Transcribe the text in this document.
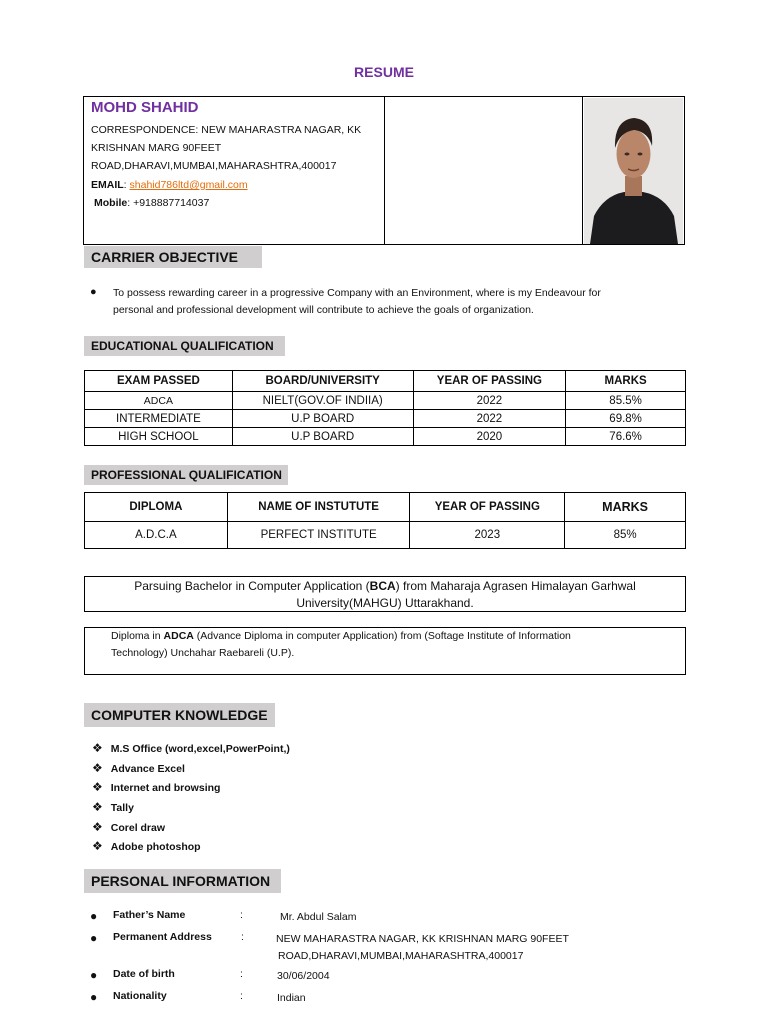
RESUME
MOHD SHAHID
CORRESPONDENCE: NEW MAHARASTRA NAGAR, KK
KRISHNAN MARG 90FEET
ROAD,DHARAVI,MUMBAI,MAHARASHTRA,400017
EMAIL: shahid786ltd@gmail.com
Mobile: +918887714037
CARRIER OBJECTIVE
● To possess rewarding career in a progressive Company with an Environment, where is my Endeavour for
personal and professional development will contribute to achieve the goals of organization.
EDUCATIONAL QUALIFICATION
EXAM PASSED	BOARD/UNIVERSITY	YEAR OF PASSING	MARKS
ADCA	NIELT(GOV.OF INDIIA)	2022	85.5%
INTERMEDIATE	U.P BOARD	2022	69.8%
HIGH SCHOOL	U.P BOARD	2020	76.6%
PROFESSIONAL QUALIFICATION
DIPLOMA	NAME OF INSTUTUTE	YEAR OF PASSING	MARKS
A.D.C.A	PERFECT INSTITUTE	2023	85%
Parsuing Bachelor in Computer Application (BCA) from Maharaja Agrasen Himalayan Garhwal
University(MAHGU) Uttarakhand.
Diploma in ADCA (Advance Diploma in computer Application) from (Softage Institute of Information
Technology) Unchahar Raebareli (U.P).
COMPUTER KNOWLEDGE
❖ M.S Office (word,excel,PowerPoint,)
❖ Advance Excel
❖ Internet and browsing
❖ Tally
❖ Corel draw
❖ Adobe photoshop
PERSONAL INFORMATION
● Father’s Name	:	Mr. Abdul Salam
● Permanent Address	:	NEW MAHARASTRA NAGAR, KK KRISHNAN MARG 90FEET
ROAD,DHARAVI,MUMBAI,MAHARASHTRA,400017
● Date of birth	:	30/06/2004
● Nationality	:	Indian
